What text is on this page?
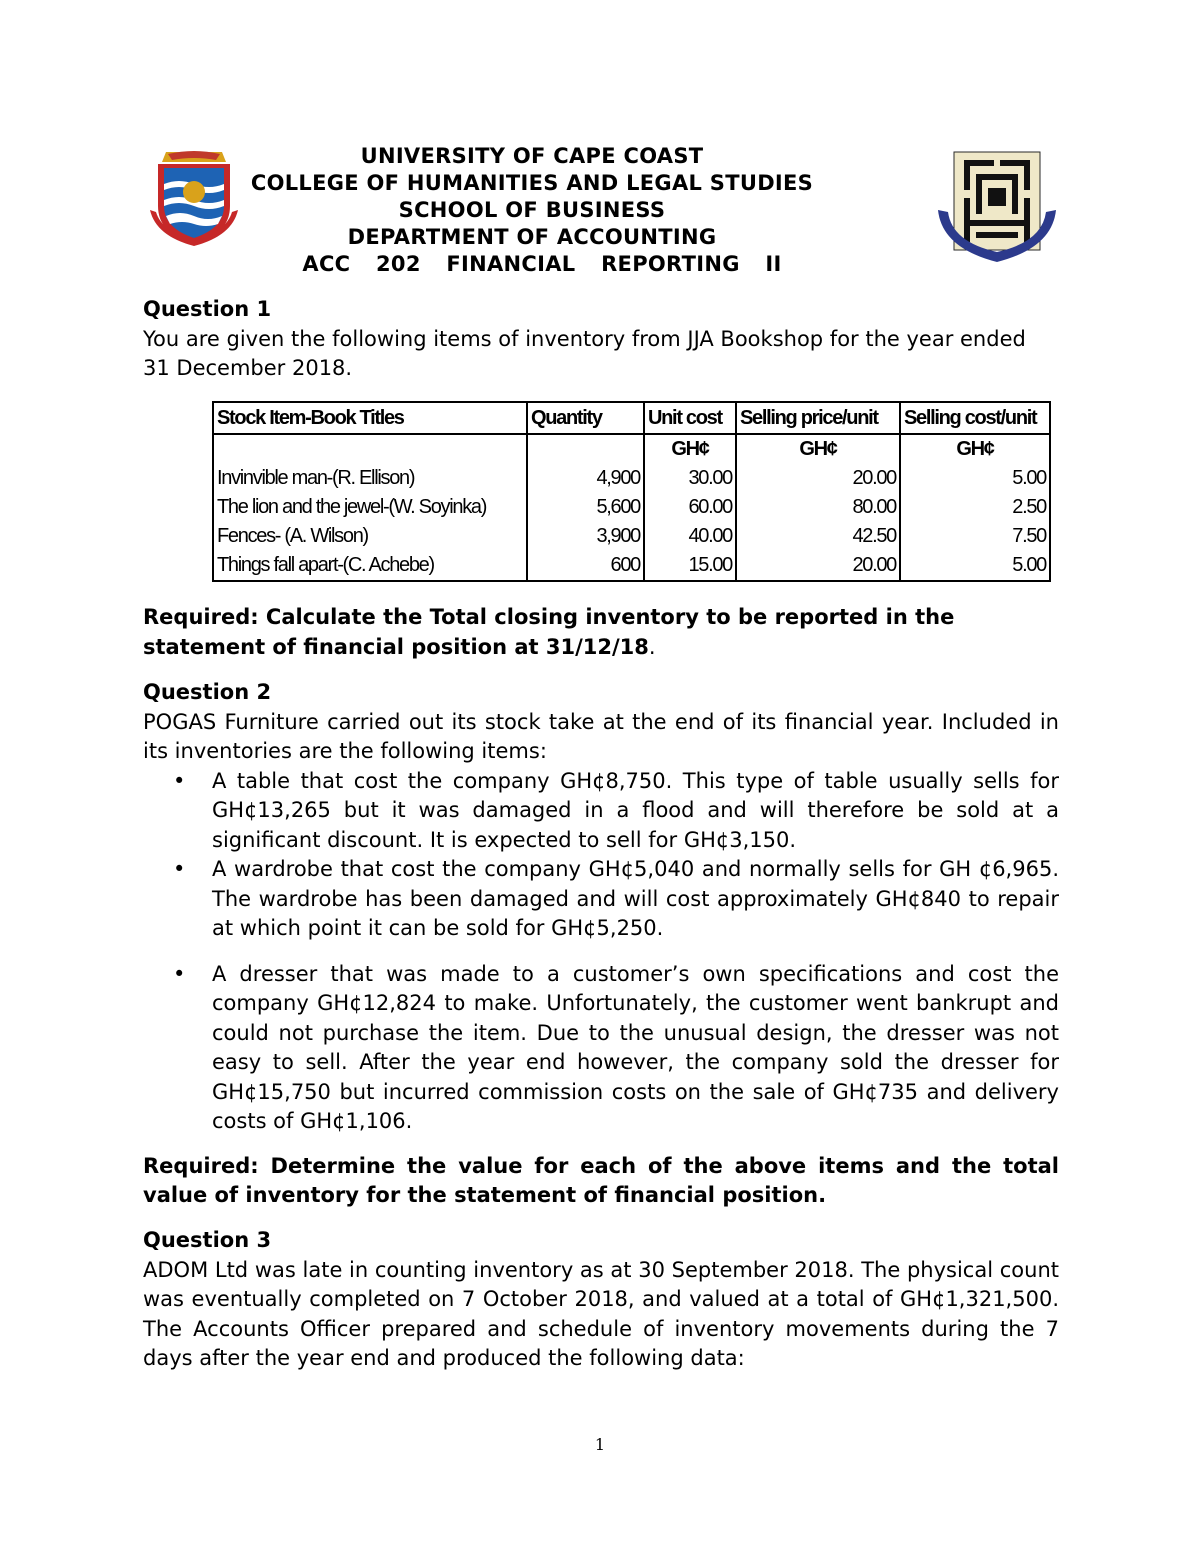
UNIVERSITY OF CAPE COAST
COLLEGE OF HUMANITIES AND LEGAL STUDIES
SCHOOL OF BUSINESS
DEPARTMENT OF ACCOUNTING
ACC 202 FINANCIAL REPORTING II
Question 1
You are given the following items of inventory from JJA Bookshop for the year ended 31 December 2018.
Stock Item-Book Titles	Quantity	Unit cost	Selling price/unit	Selling cost/unit
		GH¢	GH¢	GH¢
Invinvible man-(R. Ellison)	4,900	30.00	20.00	5.00
The lion and the jewel-(W. Soyinka)	5,600	60.00	80.00	2.50
Fences- (A. Wilson)	3,900	40.00	42.50	7.50
Things fall apart-(C. Achebe)	600	15.00	20.00	5.00
Required: Calculate the Total closing inventory to be reported in the statement of financial position at 31/12/18.
Question 2
POGAS Furniture carried out its stock take at the end of its financial year. Included in its inventories are the following items:
• A table that cost the company GH¢8,750. This type of table usually sells for GH¢13,265 but it was damaged in a flood and will therefore be sold at a significant discount. It is expected to sell for GH¢3,150.
• A wardrobe that cost the company GH¢5,040 and normally sells for GH ¢6,965. The wardrobe has been damaged and will cost approximately GH¢840 to repair at which point it can be sold for GH¢5,250.
• A dresser that was made to a customer’s own specifications and cost the company GH¢12,824 to make. Unfortunately, the customer went bankrupt and could not purchase the item. Due to the unusual design, the dresser was not easy to sell. After the year end however, the company sold the dresser for GH¢15,750 but incurred commission costs on the sale of GH¢735 and delivery costs of GH¢1,106.
Required: Determine the value for each of the above items and the total value of inventory for the statement of financial position.
Question 3
ADOM Ltd was late in counting inventory as at 30 September 2018. The physical count was eventually completed on 7 October 2018, and valued at a total of GH¢1,321,500. The Accounts Officer prepared and schedule of inventory movements during the 7 days after the year end and produced the following data:
1
